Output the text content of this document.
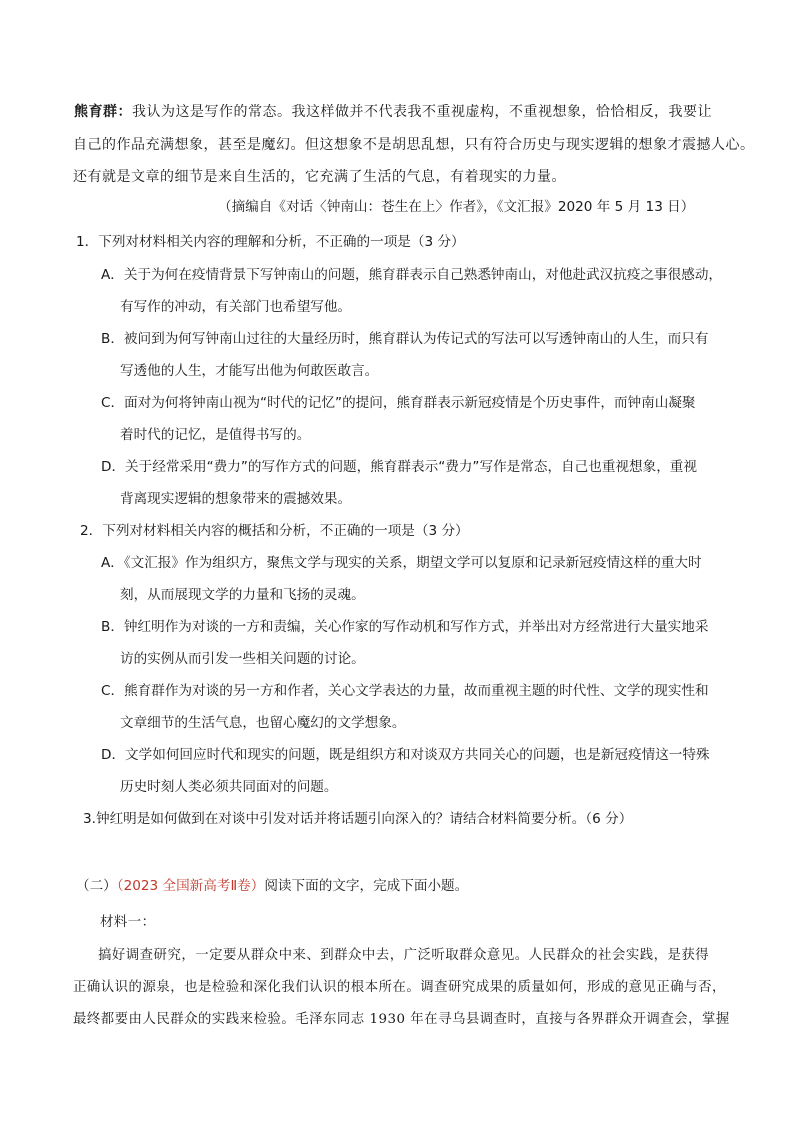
熊育群：我认为这是写作的常态。我这样做并不代表我不重视虚构，不重视想象，恰恰相反，我要让
自己的作品充满想象，甚至是魔幻。但这想象不是胡思乱想，只有符合历史与现实逻辑的想象才震撼人心。
还有就是文章的细节是来自生活的，它充满了生活的气息，有着现实的力量。
（摘编自《对话〈钟南山：苍生在上〉作者》，《文汇报》2020 年 5 月 13 日）
1．下列对材料相关内容的理解和分析，不正确的一项是（3 分）
A．关于为何在疫情背景下写钟南山的问题，熊育群表示自己熟悉钟南山，对他赴武汉抗疫之事很感动，
有写作的冲动，有关部门也希望写他。
B．被问到为何写钟南山过往的大量经历时，熊育群认为传记式的写法可以写透钟南山的人生，而只有
写透他的人生，才能写出他为何敢医敢言。
C．面对为何将钟南山视为“时代的记忆”的提问，熊育群表示新冠疫情是个历史事件，而钟南山凝聚
着时代的记忆，是值得书写的。
D．关于经常采用“费力”的写作方式的问题，熊育群表示“费力”写作是常态，自己也重视想象，重视
背离现实逻辑的想象带来的震撼效果。
2．下列对材料相关内容的概括和分析，不正确的一项是（3 分）
A．《文汇报》作为组织方，聚焦文学与现实的关系，期望文学可以复原和记录新冠疫情这样的重大时
刻，从而展现文学的力量和飞扬的灵魂。
B．钟红明作为对谈的一方和责编，关心作家的写作动机和写作方式，并举出对方经常进行大量实地采
访的实例从而引发一些相关问题的讨论。
C．熊育群作为对谈的另一方和作者，关心文学表达的力量，故而重视主题的时代性、文学的现实性和
文章细节的生活气息，也留心魔幻的文学想象。
D．文学如何回应时代和现实的问题，既是组织方和对谈双方共同关心的问题，也是新冠疫情这一特殊
历史时刻人类必须共同面对的问题。
3.钟红明是如何做到在对谈中引发对话并将话题引向深入的？请结合材料简要分析。（6 分）
（二）（2023 全国新高考Ⅱ卷）阅读下面的文字，完成下面小题。
材料一：
搞好调查研究，一定要从群众中来、到群众中去，广泛听取群众意见。人民群众的社会实践，是获得
正确认识的源泉，也是检验和深化我们认识的根本所在。调查研究成果的质量如何，形成的意见正确与否，
最终都要由人民群众的实践来检验。毛泽东同志 1930 年在寻乌县调查时，直接与各界群众开调查会，掌握
